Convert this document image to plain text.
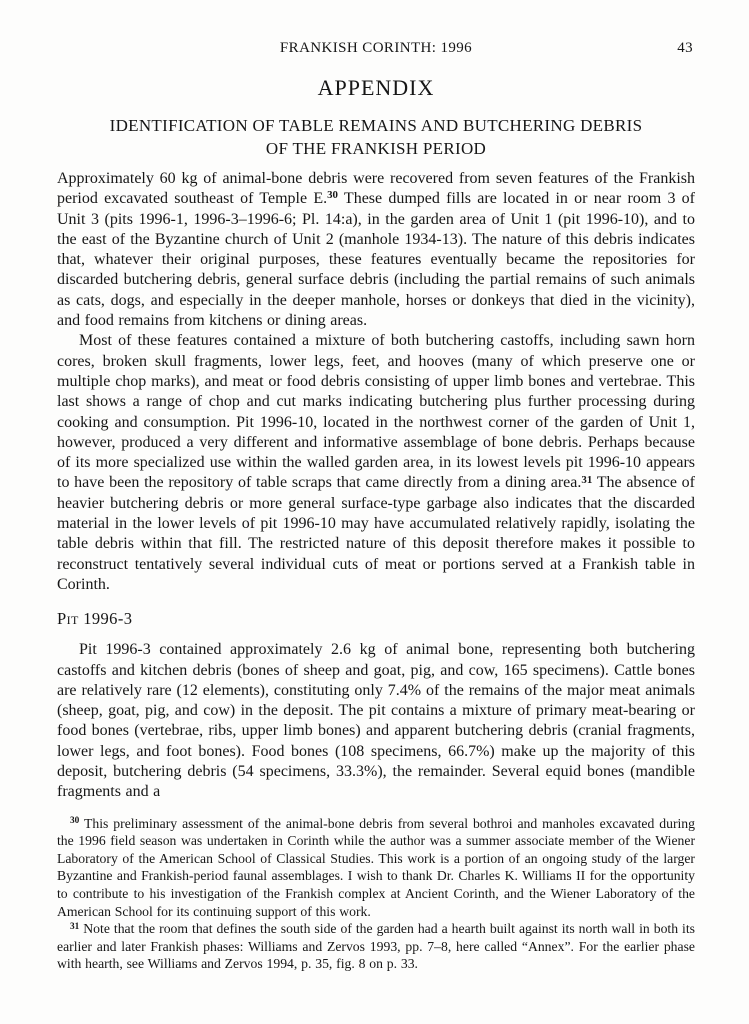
FRANKISH CORINTH: 1996	43
APPENDIX
IDENTIFICATION OF TABLE REMAINS AND BUTCHERING DEBRIS
OF THE FRANKISH PERIOD

Approximately 60 kg of animal-bone debris were recovered from seven features of the Frankish period excavated southeast of Temple E.$^{30}$ These dumped fills are located in or near room 3 of Unit 3 (pits 1996-1, 1996-3–1996-6; Pl. 14:a), in the garden area of Unit 1 (pit 1996-10), and to the east of the Byzantine church of Unit 2 (manhole 1934-13). The nature of this debris indicates that, whatever their original purposes, these features eventually became the repositories for discarded butchering debris, general surface debris (including the partial remains of such animals as cats, dogs, and especially in the deeper manhole, horses or donkeys that died in the vicinity), and food remains from kitchens or dining areas.

Most of these features contained a mixture of both butchering castoffs, including sawn horn cores, broken skull fragments, lower legs, feet, and hooves (many of which preserve one or multiple chop marks), and meat or food debris consisting of upper limb bones and vertebrae. This last shows a range of chop and cut marks indicating butchering plus further processing during cooking and consumption. Pit 1996-10, located in the northwest corner of the garden of Unit 1, however, produced a very different and informative assemblage of bone debris. Perhaps because of its more specialized use within the walled garden area, in its lowest levels pit 1996-10 appears to have been the repository of table scraps that came directly from a dining area.$^{31}$ The absence of heavier butchering debris or more general surface-type garbage also indicates that the discarded material in the lower levels of pit 1996-10 may have accumulated relatively rapidly, isolating the table debris within that fill. The restricted nature of this deposit therefore makes it possible to reconstruct tentatively several individual cuts of meat or portions served at a Frankish table in Corinth.

Pit 1996-3

Pit 1996-3 contained approximately 2.6 kg of animal bone, representing both butchering castoffs and kitchen debris (bones of sheep and goat, pig, and cow, 165 specimens). Cattle bones are relatively rare (12 elements), constituting only 7.4% of the remains of the major meat animals (sheep, goat, pig, and cow) in the deposit. The pit contains a mixture of primary meat-bearing or food bones (vertebrae, ribs, upper limb bones) and apparent butchering debris (cranial fragments, lower legs, and foot bones). Food bones (108 specimens, 66.7%) make up the majority of this deposit, butchering debris (54 specimens, 33.3%), the remainder. Several equid bones (mandible fragments and a

$^{30}$ This preliminary assessment of the animal-bone debris from several bothroi and manholes excavated during the 1996 field season was undertaken in Corinth while the author was a summer associate member of the Wiener Laboratory of the American School of Classical Studies. This work is a portion of an ongoing study of the larger Byzantine and Frankish-period faunal assemblages. I wish to thank Dr. Charles K. Williams II for the opportunity to contribute to his investigation of the Frankish complex at Ancient Corinth, and the Wiener Laboratory of the American School for its continuing support of this work.

$^{31}$ Note that the room that defines the south side of the garden had a hearth built against its north wall in both its earlier and later Frankish phases: Williams and Zervos 1993, pp. 7–8, here called “Annex”. For the earlier phase with hearth, see Williams and Zervos 1994, p. 35, fig. 8 on p. 33.
